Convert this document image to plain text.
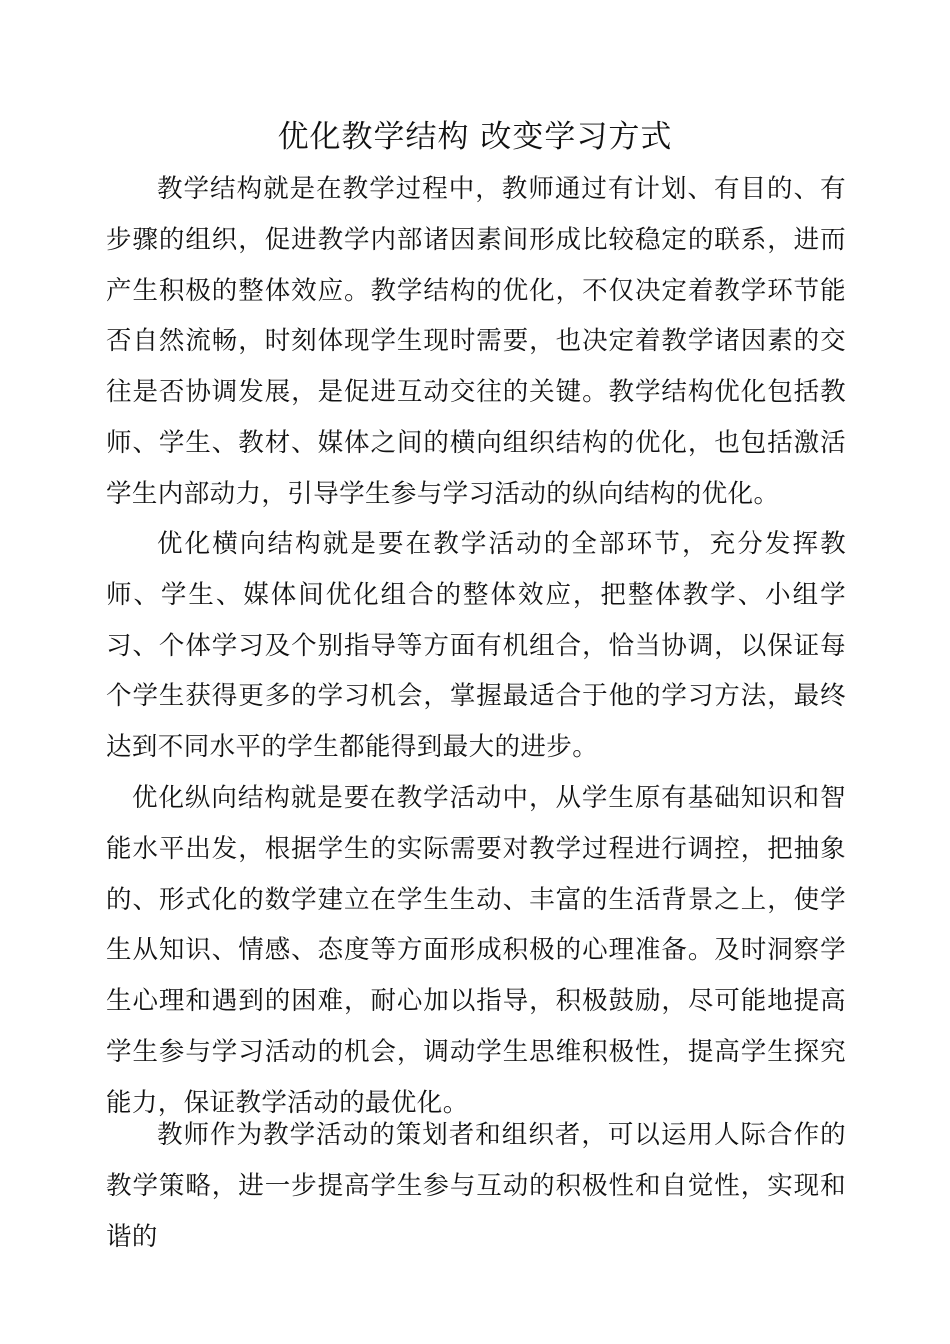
优化教学结构 改变学习方式

教学结构就是在教学过程中，教师通过有计划、有目的、有步骤的组织，促进教学内部诸因素间形成比较稳定的联系，进而产生积极的整体效应。教学结构的优化，不仅决定着教学环节能否自然流畅，时刻体现学生现时需要，也决定着教学诸因素的交往是否协调发展，是促进互动交往的关键。教学结构优化包括教师、学生、教材、媒体之间的横向组织结构的优化，也包括激活学生内部动力，引导学生参与学习活动的纵向结构的优化。

优化横向结构就是要在教学活动的全部环节，充分发挥教师、学生、媒体间优化组合的整体效应，把整体教学、小组学习、个体学习及个别指导等方面有机组合，恰当协调，以保证每个学生获得更多的学习机会，掌握最适合于他的学习方法，最终达到不同水平的学生都能得到最大的进步。

优化纵向结构就是要在教学活动中，从学生原有基础知识和智能水平出发，根据学生的实际需要对教学过程进行调控，把抽象的、形式化的数学建立在学生生动、丰富的生活背景之上，使学生从知识、情感、态度等方面形成积极的心理准备。及时洞察学生心理和遇到的困难，耐心加以指导，积极鼓励，尽可能地提高学生参与学习活动的机会，调动学生思维积极性，提高学生探究能力，保证教学活动的最优化。

教师作为教学活动的策划者和组织者，可以运用人际合作的教学策略，进一步提高学生参与互动的积极性和自觉性，实现和谐的
